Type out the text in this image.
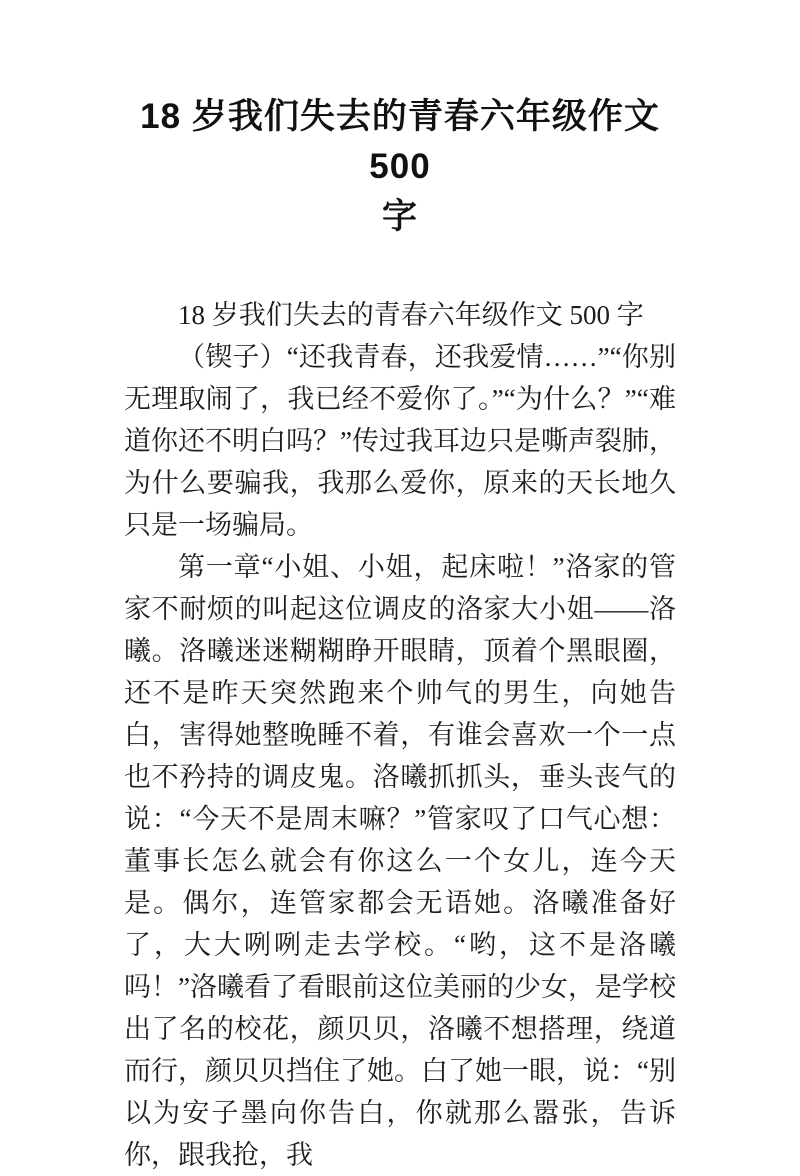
18 岁我们失去的青春六年级作文 500
字

18 岁我们失去的青春六年级作文 500 字

（锲子）“还我青春，还我爱情……”“你别无理取闹了，我已经不爱你了。”“为什么？”“难道你还不明白吗？”传过我耳边只是嘶声裂肺，为什么要骗我，我那么爱你，原来的天长地久只是一场骗局。

第一章“小姐、小姐，起床啦！”洛家的管家不耐烦的叫起这位调皮的洛家大小姐——洛曦。洛曦迷迷糊糊睁开眼睛，顶着个黑眼圈，还不是昨天突然跑来个帅气的男生，向她告白，害得她整晚睡不着，有谁会喜欢一个一点也不矜持的调皮鬼。洛曦抓抓头，垂头丧气的说：“今天不是周末嘛？”管家叹了口气心想：董事长怎么就会有你这么一个女儿，连今天是。偶尔，连管家都会无语她。洛曦准备好了，大大咧咧走去学校。“哟，这不是洛曦吗！”洛曦看了看眼前这位美丽的少女，是学校出了名的校花，颜贝贝，洛曦不想搭理，绕道而行，颜贝贝挡住了她。白了她一眼，说：“别以为安子墨向你告白，你就那么嚣张，告诉你，跟我抢，我
